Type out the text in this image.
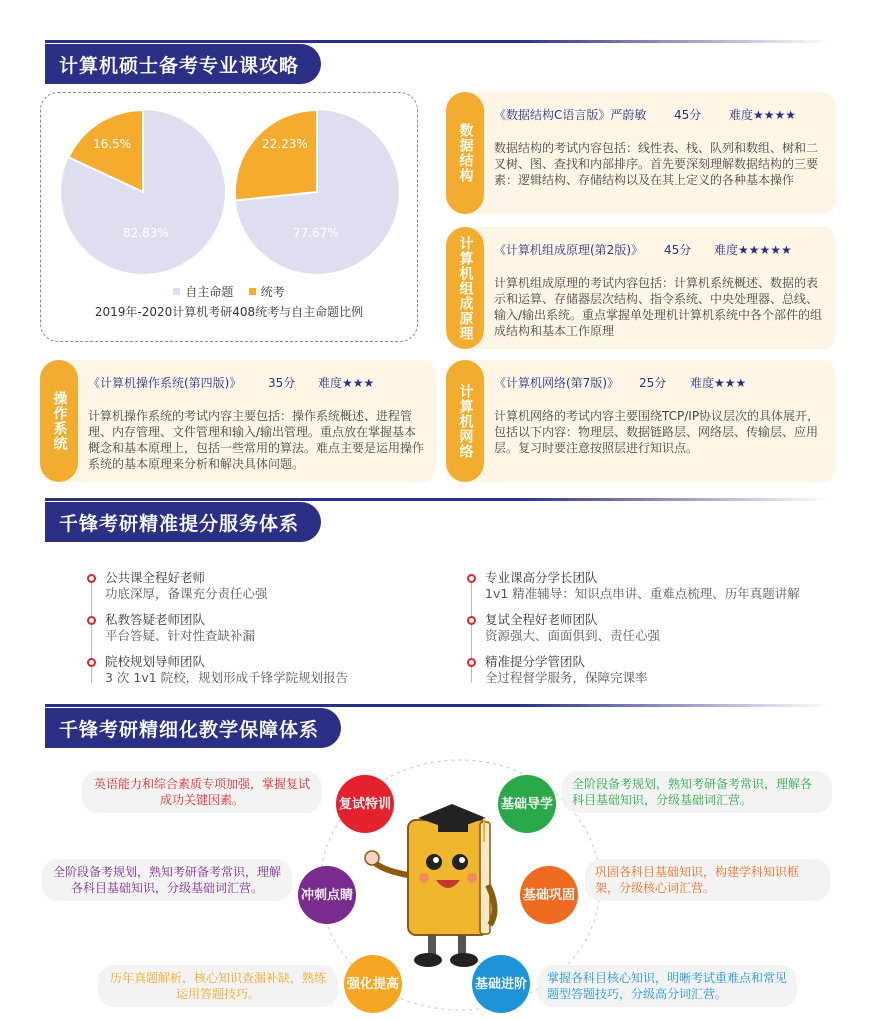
计算机硕士备考专业课攻略
16.5%
82.83%
22.23%
77.67%
自主命题 统考
2019年-2020计算机考研408统考与自主命题比例
数据结构
《数据结构C语言版》严蔚敏 45分 难度★★★★
数据结构的考试内容包括：线性表、栈、队列和数组、树和二叉树、图、查找和内部排序。首先要深刻理解数据结构的三要素：逻辑结构、存储结构以及在其上定义的各种基本操作
计算机组成原理	《计算机组成原理(第2版)》 45分 难度★★★★★
计算机组成原理的考试内容包括：计算机系统概述、数据的表示和运算、存储器层次结构、指令系统、中央处理器、总线、输入/输出系统。重点掌握单处理机计算机系统中各个部件的组成结构和基本工作原理
操作系统
《计算机操作系统(第四版)》 35分 难度★★★
计算机操作系统的考试内容主要包括：操作系统概述、进程管理、内存管理、文件管理和输入/输出管理。重点放在掌握基本概念和基本原理上，包括一些常用的算法。难点主要是运用操作系统的基本原理来分析和解决具体问题。
计算机网络
《计算机网络(第7版)》 25分 难度★★★
计算机网络的考试内容主要围绕TCP/IP协议层次的具体展开，包括以下内容：物理层、数据链路层、网络层、传输层、应用层。复习时要注意按照层进行知识点。
千锋考研精准提分服务体系
公共课全程好老师
功底深厚，备课充分责任心强
私教答疑老师团队
平台答疑、针对性查缺补漏
院校规划导师团队
3 次 1v1 院校，规划形成千锋学院规划报告
专业课高分学长团队
1v1 精准辅导：知识点串讲、重难点梳理、历年真题讲解
复试全程好老师团队
资源强大、面面俱到、责任心强
精准提分学管团队
全过程督学服务，保障完课率
千锋考研精细化教学保障体系
复试特训	基础导学
冲刺点睛	基础巩固
强化提高	基础进阶
英语能力和综合素质专项加强，掌握复试成功关键因素。
全阶段备考规划，熟知考研备考常识，理解各科目基础知识，分级基础词汇营。
全阶段备考规划，熟知考研备考常识，理解各科目基础知识，分级基础词汇营。
巩固各科目基础知识，构建学科知识框架，分级核心词汇营。
历年真题解析，核心知识查漏补缺，熟练运用答题技巧。
掌握各科目核心知识，明晰考试重难点和常见题型答题技巧，分级高分词汇营。
